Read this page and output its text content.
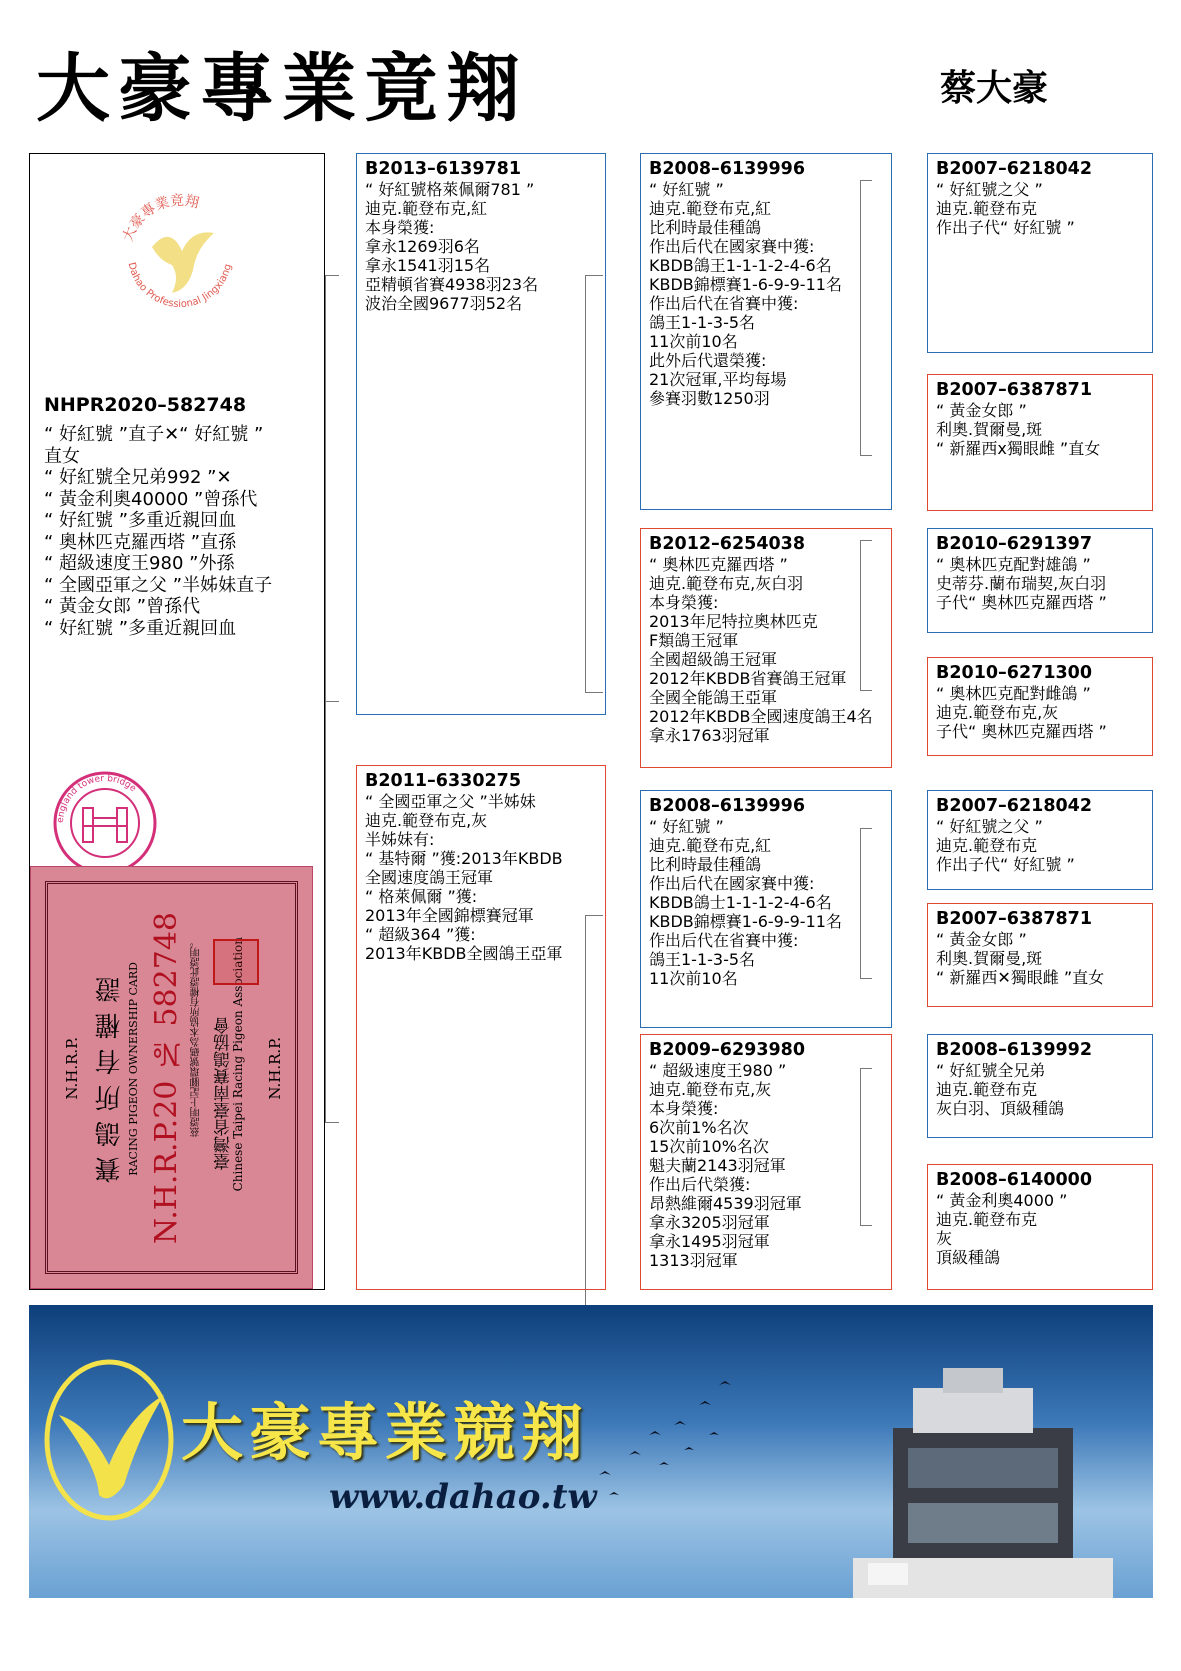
大豪專業竟翔	蔡大豪
NHPR2020–582748
“ 好紅號 ”直子✕“ 好紅號 ”
直女
“ 好紅號全兄弟992 ”✕
“ 黃金利奧40000 ”曾孫代
“ 好紅號 ”多重近親回血
“ 奧林匹克羅西塔 ”直孫
“ 超級速度王980 ”外孫
“ 全國亞軍之父 ”半姊妹直子
“ 黃金女郎 ”曾孫代
“ 好紅號 ”多重近親回血
大豪專業竟翔
Dahao Professional Jingxiang
england tower bridge
N.H.R.P. 賽鴿所有權證 RACING PIGEON OWNERSHIP CARD N.H.R.P.20 № 582748 茲證明上記腳環號碼為本協所有權證此證明。 臺灣省臺南賽鴿協會
Chinese Taipei Racing Pigeon Association N.H.R.P.
B2013–6139781
“ 好紅號格萊佩爾781 ”
迪克.範登布克,紅
本身榮獲:
拿永1269羽6名
拿永1541羽15名
亞精頓省賽4938羽23名
波治全國9677羽52名
B2011–6330275
“ 全國亞軍之父 ”半姊妹
迪克.範登布克,灰
半姊妹有:
“ 基特爾 ”獲:2013年KBDB
全國速度鴿王冠軍
“ 格萊佩爾 ”獲:
2013年全國錦標賽冠軍
“ 超級364 ”獲:
2013年KBDB全國鴿王亞軍
B2008–6139996
“ 好紅號 ”
迪克.範登布克,紅
比利時最佳種鴿
作出后代在國家賽中獲:
KBDB鴿王1-1-1-2-4-6名
KBDB錦標賽1-6-9-9-11名
作出后代在省賽中獲:
鴿王1-1-3-5名
11次前10名
此外后代還榮獲:
21次冠軍,平均每場
參賽羽數1250羽
B2012–6254038
“ 奧林匹克羅西塔 ”
迪克.範登布克,灰白羽
本身榮獲:
2013年尼特拉奧林匹克
F類鴿王冠軍
全國超級鴿王冠軍
2012年KBDB省賽鴿王冠軍
全國全能鴿王亞軍
2012年KBDB全國速度鴿王4名
拿永1763羽冠軍
B2008–6139996
“ 好紅號 ”
迪克.範登布克,紅
比利時最佳種鴿
作出后代在國家賽中獲:
KBDB鴿士1-1-1-2-4-6名
KBDB錦標賽1-6-9-9-11名
作出后代在省賽中獲:
鴿王1-1-3-5名
11次前10名
B2009–6293980
“ 超級速度王980 ”
迪克.範登布克,灰
本身榮獲:
6次前1%名次
15次前10%名次
魁夫蘭2143羽冠軍
作出后代榮獲:
昂熱維爾4539羽冠軍
拿永3205羽冠軍
拿永1495羽冠軍
1313羽冠軍
B2007–6218042
“ 好紅號之父 ”
迪克.範登布克
作出子代“ 好紅號 ”
B2007–6387871
“ 黃金女郎 ”
利奧.賀爾曼,斑
“ 新羅西x獨眼雌 ”直女
B2010–6291397
“ 奧林匹克配對雄鴿 ”
史蒂芬.蘭布瑞契,灰白羽
子代“ 奧林匹克羅西塔 ”
B2010–6271300
“ 奧林匹克配對雌鴿 ”
迪克.範登布克,灰
子代“ 奧林匹克羅西塔 ”
B2007–6218042
“ 好紅號之父 ”
迪克.範登布克
作出子代“ 好紅號 ”
B2007–6387871
“ 黃金女郎 ”
利奧.賀爾曼,斑
“ 新羅西✕獨眼雌 ”直女
B2008–6139992
“ 好紅號全兄弟
迪克.範登布克
灰白羽、頂級種鴿
B2008–6140000
“ 黃金利奧4000 ”
迪克.範登布克
灰
頂級種鴿
大豪專業競翔
www.dahao.tw
